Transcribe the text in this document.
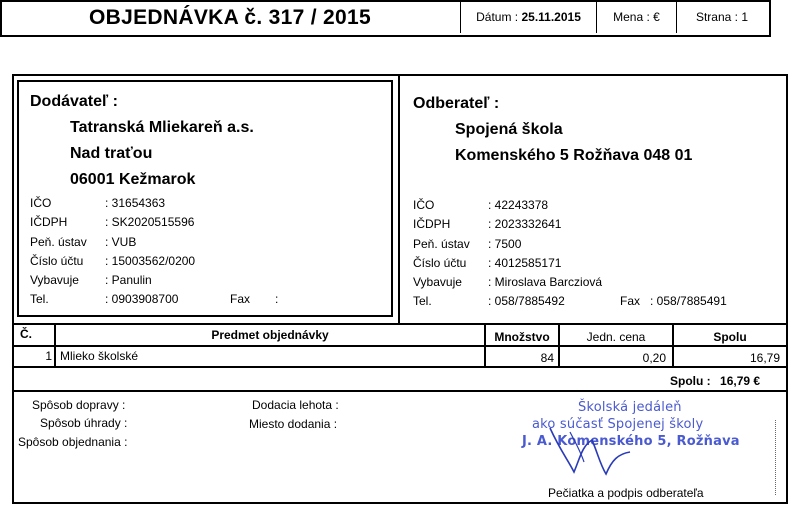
OBJEDNÁVKA č. 317 / 2015	Dátum : 25.11.2015	Mena : €	Strana : 1
Dodávateľ :
Tatranská Mliekareň a.s.
Nad traťou
06001 Kežmarok
IČO	: 31654363
IČDPH	: SK2020515596
Peň. ústav : VUB
Číslo účtu : 15003562/0200
Vybavuje : Panulin
Tel.	: 0903908700	Fax :
Odberateľ :
Spojená škola
Komenského 5 Rožňava 048 01
IČO	: 42243378
IČDPH	: 2023332641
Peň. ústav : 7500
Číslo účtu : 4012585171
Vybavuje : Miroslava Barcziová
Tel.	: 058/7885492	Fax : 058/7885491
Č.	Predmet objednávky	Množstvo	Jedn. cena	Spolu
1 Mlieko školské	84	0,20	16,79
Spolu : 16,79 €
Spôsob dopravy :
Spôsob úhrady :
Spôsob objednania :
Dodacia lehota :
Miesto dodania :
Školská jedáleň
ako súčasť Spojenej školy
J. A. Komenského 5, Rožňava
Pečiatka a podpis odberateľa
